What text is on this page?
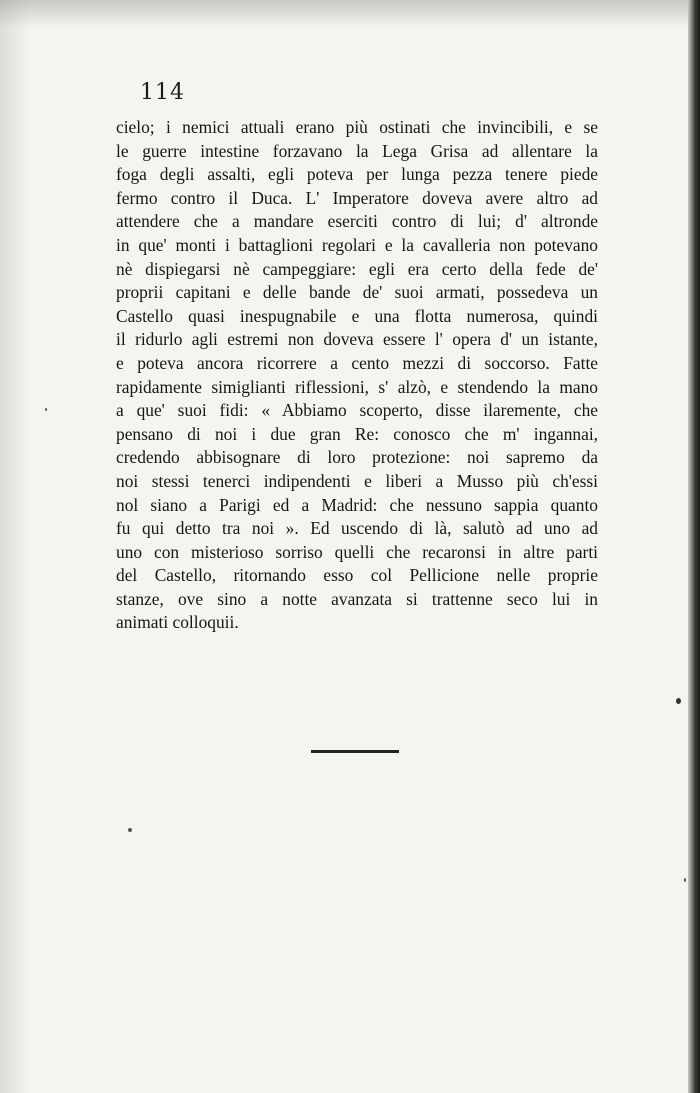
114
cielo; i nemici attuali erano più ostinati che invincibili, e se
le guerre intestine forzavano la Lega Grisa ad allentare la
foga degli assalti, egli poteva per lunga pezza tenere piede
fermo contro il Duca. L' Imperatore doveva avere altro ad
attendere che a mandare eserciti contro di lui; d' altronde
in que' monti i battaglioni regolari e la cavalleria non potevano
nè dispiegarsi nè campeggiare: egli era certo della fede de'
proprii capitani e delle bande de' suoi armati, possedeva un
Castello quasi inespugnabile e una flotta numerosa, quindi
il ridurlo agli estremi non doveva essere l' opera d' un istante,
e poteva ancora ricorrere a cento mezzi di soccorso. Fatte
rapidamente simiglianti riflessioni, s' alzò, e stendendo la mano
a que' suoi fidi: « Abbiamo scoperto, disse ilaremente, che
pensano di noi i due gran Re: conosco che m' ingannai,
credendo abbisognare di loro protezione: noi sapremo da
noi stessi tenerci indipendenti e liberi a Musso più ch'essi
nol siano a Parigi ed a Madrid: che nessuno sappia quanto
fu qui detto tra noi ». Ed uscendo di là, salutò ad uno ad
uno con misterioso sorriso quelli che recaronsi in altre parti
del Castello, ritornando esso col Pellicione nelle proprie
stanze, ove sino a notte avanzata si trattenne seco lui in
animati colloquii.
